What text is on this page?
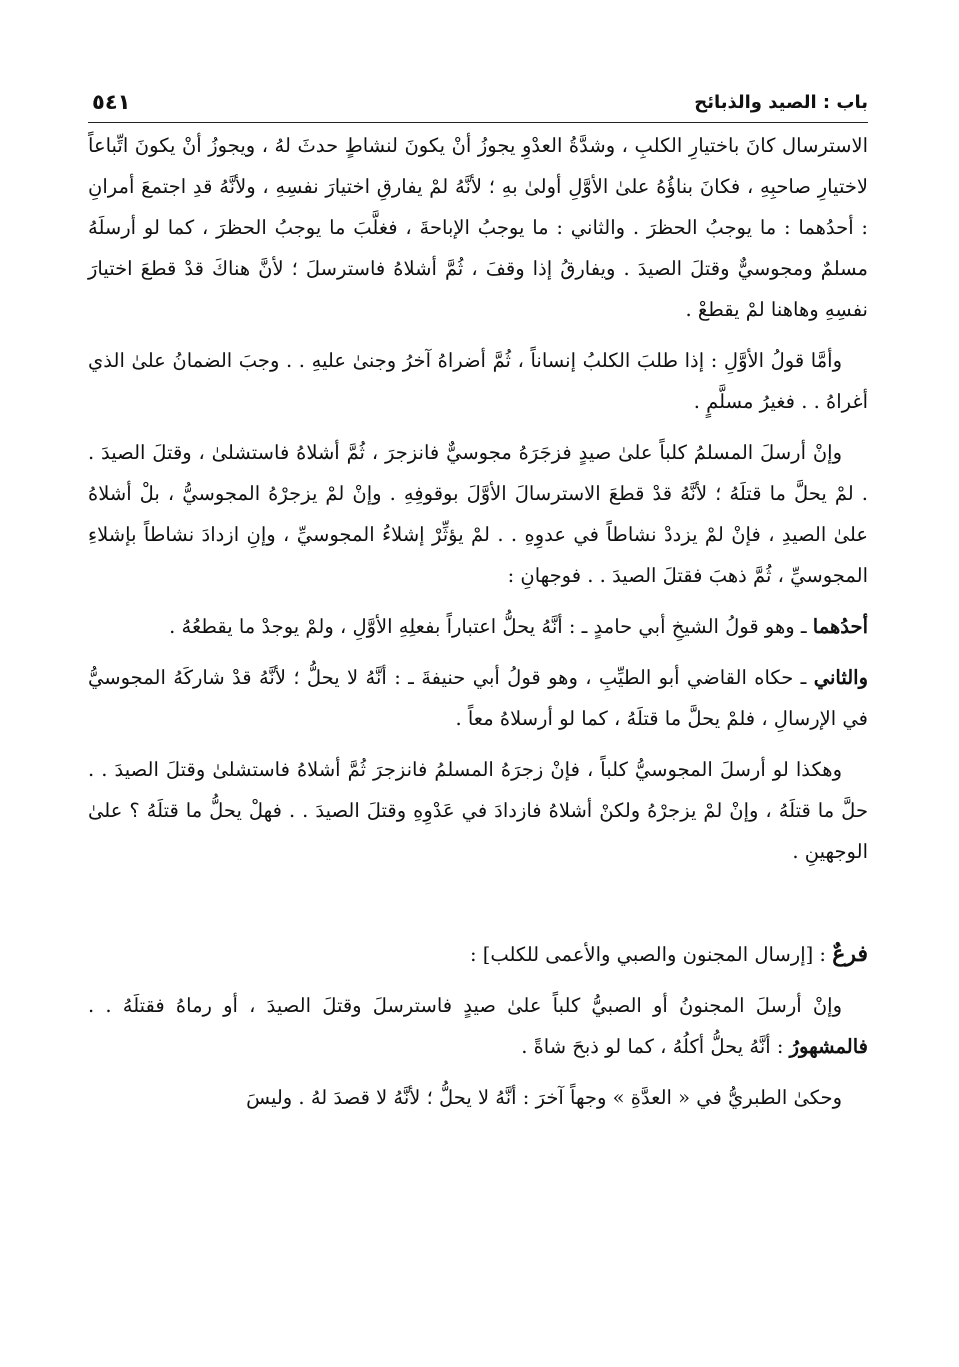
باب : الصيد والذبائح
٥٤١

الاسترسال كانَ باختيارِ الكلبِ ، وشدَّةُ العدْوِ يجوزُ أنْ يكونَ لنشاطٍ حدثَ لهُ ، ويجوزُ أنْ يكونَ اتِّباعاً لاختيارِ صاحبِهِ ، فكانَ بناؤُهُ علىٰ الأوَّلِ أولىٰ بهِ ؛ لأنَّهُ لمْ يفارقِ اختيارَ نفسِهِ ، ولأنَّهُ قدِ اجتمعَ أمرانِ : أحدُهما : ما يوجبُ الحظرَ . والثاني : ما يوجبُ الإباحةَ ، فغلَّبَ ما يوجبُ الحظرَ ، كما لو أرسلَهُ مسلمٌ ومجوسيٌّ وقتلَ الصيدَ . ويفارقُ إذا وقفَ ، ثُمَّ أشلاهُ فاسترسلَ ؛ لأنَّ هناكَ قدْ قطعَ اختيارَ نفسِهِ وهاهنا لمْ يقطعْ .

وأمَّا قولُ الأوَّلِ : إذا طلبَ الكلبُ إنساناً ، ثُمَّ أضراهُ آخرُ وجنىٰ عليهِ . . وجبَ الضمانُ علىٰ الذي أغراهُ . . فغيرُ مسلَّمٍ .

وإنْ أرسلَ المسلمُ كلباً علىٰ صيدٍ فزجَرَهُ مجوسيٌّ فانزجرَ ، ثُمَّ أشلاهُ فاستشلىٰ ، وقتلَ الصيدَ . . لمْ يحلَّ ما قتلَهُ ؛ لأنَّهُ قدْ قطعَ الاسترسالَ الأوَّلَ بوقوفِهِ . وإنْ لمْ يزجرْهُ المجوسيُّ ، بلْ أشلاهُ علىٰ الصيدِ ، فإنْ لمْ يزددْ نشاطاً في عدوِهِ . . لمْ يؤثِّرْ إشلاءُ المجوسيِّ ، وإنِ ازدادَ نشاطاً بإشلاءِ المجوسيِّ ، ثُمَّ ذهبَ فقتلَ الصيدَ . . فوجهانِ :

أحدُهما ـ وهو قولُ الشيخِ أبي حامدٍ ـ : أنَّهُ يحلُّ اعتباراً بفعلِهِ الأوَّلِ ، ولمْ يوجدْ ما يقطعُهُ .

والثاني ـ حكاه القاضي أبو الطيِّبِ ، وهو قولُ أبي حنيفةَ ـ : أنَّهُ لا يحلُّ ؛ لأنَّهُ قدْ شاركَهُ المجوسيُّ في الإرسالِ ، فلمْ يحلَّ ما قتلَهُ ، كما لو أرسلاهُ معاً .

وهكذا لو أرسلَ المجوسيُّ كلباً ، فإنْ زجرَهُ المسلمُ فانزجرَ ثُمَّ أشلاهُ فاستشلىٰ وقتلَ الصيدَ . . حلَّ ما قتلَهُ ، وإنْ لمْ يزجرْهُ ولكنْ أشلاهُ فازدادَ في عَدْوِهِ وقتلَ الصيدَ . . فهلْ يحلُّ ما قتلَهُ ؟ علىٰ الوجهينِ .

فرعٌ : [إرسال المجنون والصبي والأعمى للكلب] :

وإنْ أرسلَ المجنونُ أو الصبيُّ كلباً علىٰ صيدٍ فاسترسلَ وقتلَ الصيدَ ، أو رماهُ فقتلَهُ . . فالمشهورُ : أنَّهُ يحلُّ أكلُهُ ، كما لو ذبحَ شاةً .

وحكىٰ الطبريُّ في « العدَّةِ » وجهاً آخرَ : أنَّهُ لا يحلُّ ؛ لأنَّهُ لا قصدَ لهُ . وليسَ
